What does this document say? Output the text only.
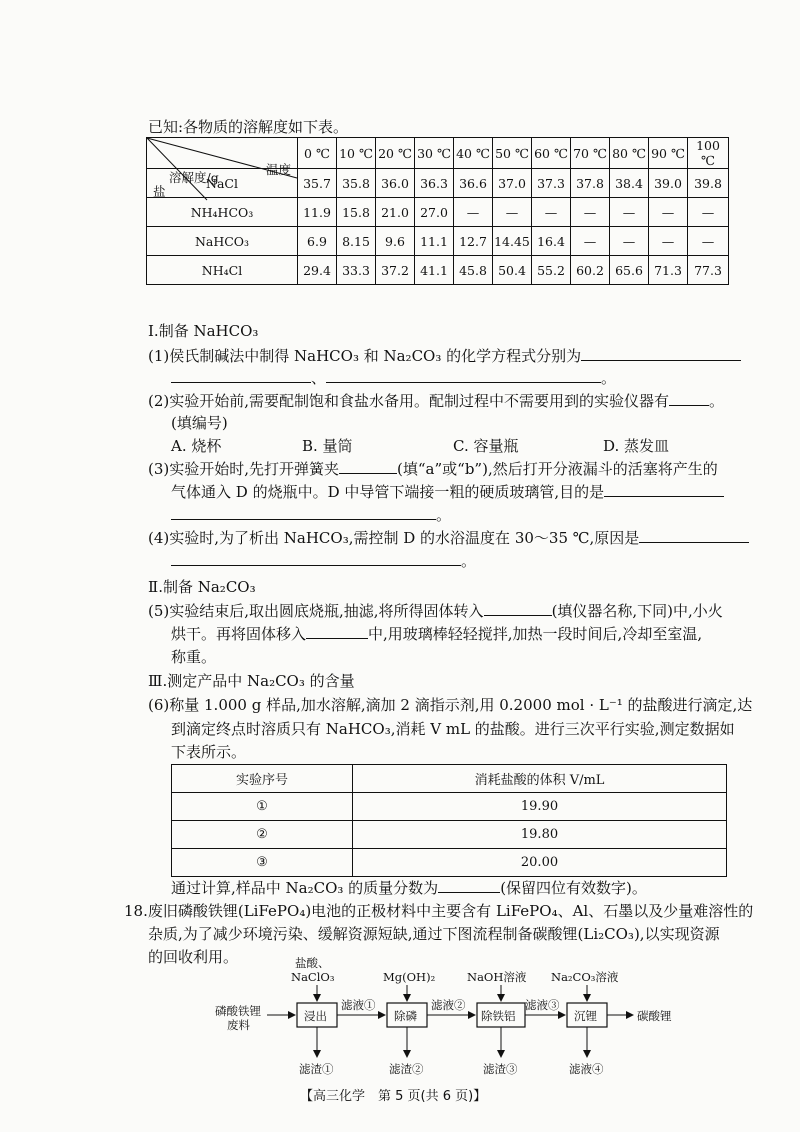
已知:各物质的溶解度如下表。
温度
溶解度/g
盐	0 ℃	10 ℃	20 ℃	30 ℃	40 ℃	50 ℃	60 ℃	70 ℃	80 ℃	90 ℃	100 ℃
NaCl	35.7	35.8	36.0	36.3	36.6	37.0	37.3	37.8	38.4	39.0	39.8
NH₄HCO₃	11.9	15.8	21.0	27.0	—	—	—	—	—	—	—
NaHCO₃	6.9	8.15	9.6	11.1	12.7	14.45	16.4	—	—	—	—
NH₄Cl	29.4	33.3	37.2	41.1	45.8	50.4	55.2	60.2	65.6	71.3	77.3
Ⅰ.制备 NaHCO₃
(1)侯氏制碱法中制得 NaHCO₃ 和 Na₂CO₃ 的化学方程式分别为
、	。
(2)实验开始前,需要配制饱和食盐水备用。配制过程中不需要用到的实验仪器有	。
(填编号)
A. 烧杯	B. 量筒	C. 容量瓶	D. 蒸发皿
(3)实验开始时,先打开弹簧夹	(填“a”或“b”),然后打开分液漏斗的活塞将产生的
气体通入 D 的烧瓶中。D 中导管下端接一粗的硬质玻璃管,目的是
。
(4)实验时,为了析出 NaHCO₃,需控制 D 的水浴温度在 30～35 ℃,原因是
。
Ⅱ.制备 Na₂CO₃
(5)实验结束后,取出圆底烧瓶,抽滤,将所得固体转入	(填仪器名称,下同)中,小火
烘干。再将固体移入	中,用玻璃棒轻轻搅拌,加热一段时间后,冷却至室温,
称重。
Ⅲ.测定产品中 Na₂CO₃ 的含量
(6)称量 1.000 g 样品,加水溶解,滴加 2 滴指示剂,用 0.2000 mol · L⁻¹ 的盐酸进行滴定,达
到滴定终点时溶质只有 NaHCO₃,消耗 V mL 的盐酸。进行三次平行实验,测定数据如
下表所示。
实验序号	消耗盐酸的体积 V/mL
①	19.90
②	19.80
③	20.00
通过计算,样品中 Na₂CO₃ 的质量分数为	(保留四位有效数字)。
18.废旧磷酸铁锂(LiFePO₄)电池的正极材料中主要含有 LiFePO₄、Al、石墨以及少量难溶性的
杂质,为了减少环境污染、缓解资源短缺,通过下图流程制备碳酸锂(Li₂CO₃),以实现资源
的回收利用。
磷酸铁锂
废料
浸出
盐酸、
NaClO₃
滤渣①
滤液①
除磷
Mg(OH)₂
滤渣②
滤液②
除铁铝
NaOH溶液
滤渣③
滤液③
沉锂
Na₂CO₃溶液
滤液④
碳酸锂
【高三化学　第 5 页(共 6 页)】
